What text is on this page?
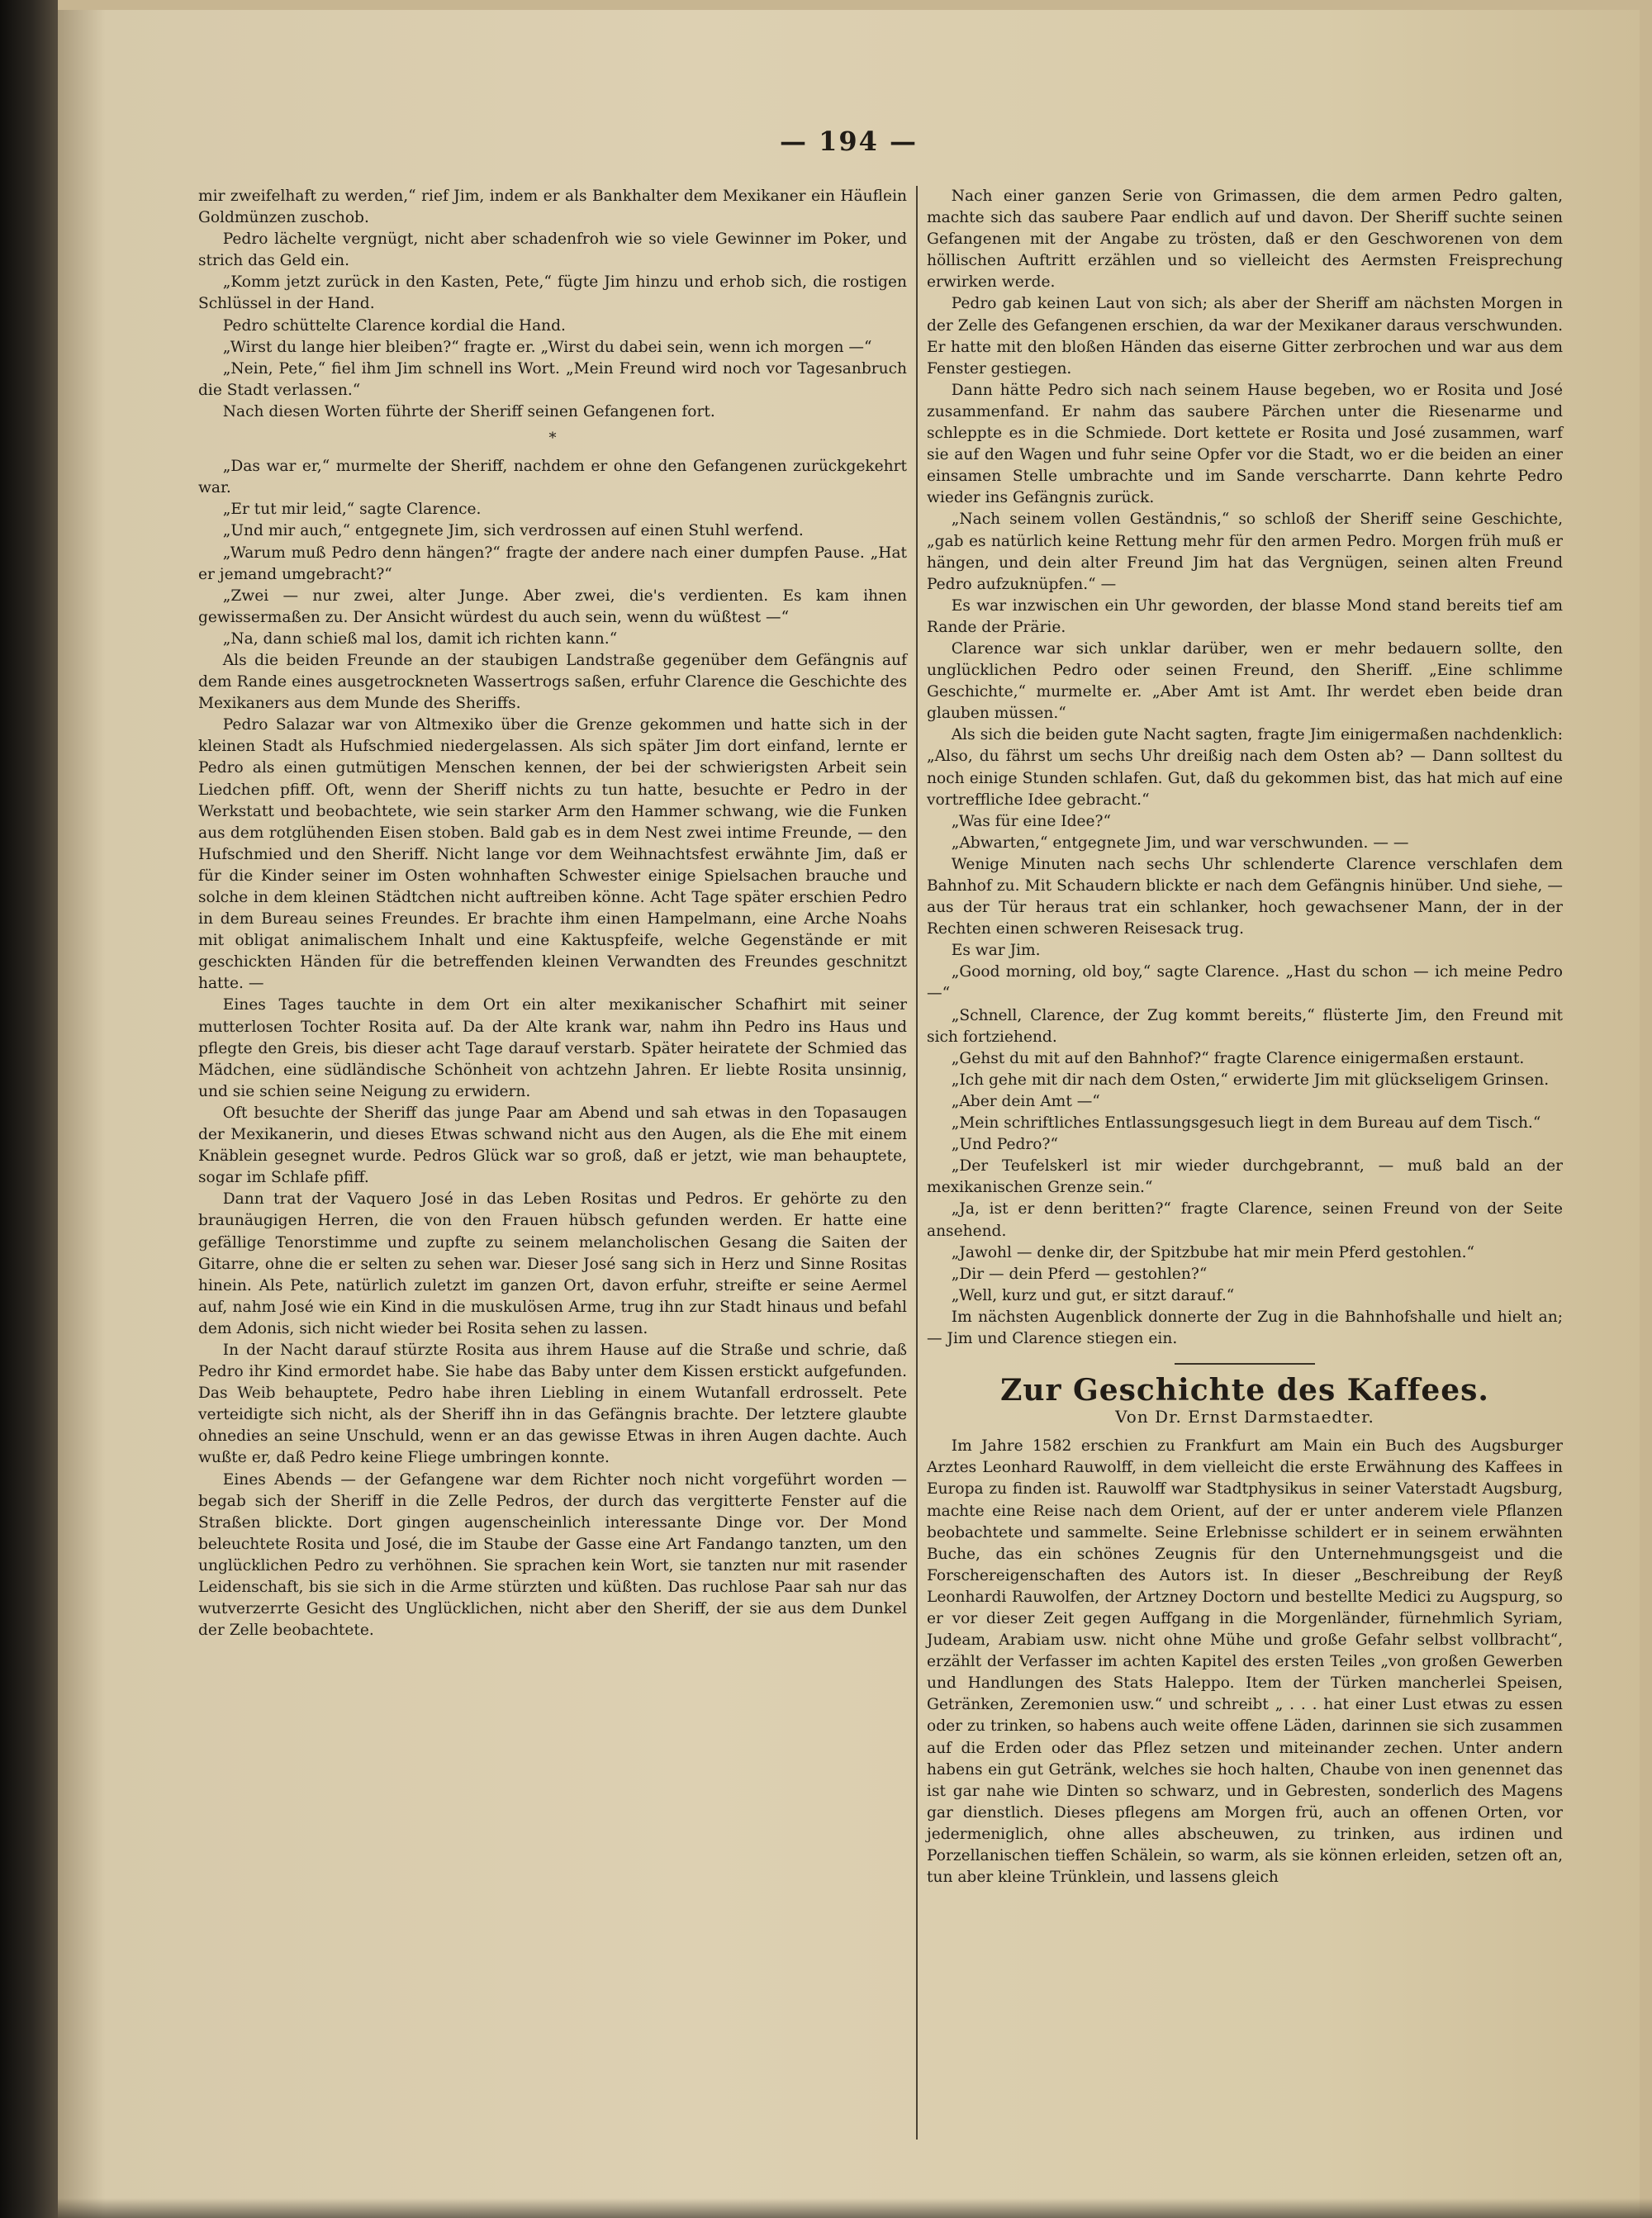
— 194 —

mir zweifelhaft zu werden,“ rief Jim, indem er als Bankhalter dem Mexikaner ein Häuflein Goldmünzen zuschob.

Pedro lächelte vergnügt, nicht aber schadenfroh wie so viele Gewinner im Poker, und strich das Geld ein.

„Komm jetzt zurück in den Kasten, Pete,“ fügte Jim hinzu und erhob sich, die rostigen Schlüssel in der Hand.

Pedro schüttelte Clarence kordial die Hand.

„Wirst du lange hier bleiben?“ fragte er. „Wirst du dabei sein, wenn ich morgen —“

„Nein, Pete,“ fiel ihm Jim schnell ins Wort. „Mein Freund wird noch vor Tagesanbruch die Stadt verlassen.“

Nach diesen Worten führte der Sheriff seinen Gefangenen fort.

*

„Das war er,“ murmelte der Sheriff, nachdem er ohne den Gefangenen zurückgekehrt war.

„Er tut mir leid,“ sagte Clarence.

„Und mir auch,“ entgegnete Jim, sich verdrossen auf einen Stuhl werfend.

„Warum muß Pedro denn hängen?“ fragte der andere nach einer dumpfen Pause. „Hat er jemand umgebracht?“

„Zwei — nur zwei, alter Junge. Aber zwei, die's verdienten. Es kam ihnen gewissermaßen zu. Der Ansicht würdest du auch sein, wenn du wüßtest —“

„Na, dann schieß mal los, damit ich richten kann.“

Als die beiden Freunde an der staubigen Landstraße gegenüber dem Gefängnis auf dem Rande eines ausgetrockneten Wassertrogs saßen, erfuhr Clarence die Geschichte des Mexikaners aus dem Munde des Sheriffs.

Pedro Salazar war von Altmexiko über die Grenze gekommen und hatte sich in der kleinen Stadt als Hufschmied niedergelassen. Als sich später Jim dort einfand, lernte er Pedro als einen gutmütigen Menschen kennen, der bei der schwierigsten Arbeit sein Liedchen pfiff. Oft, wenn der Sheriff nichts zu tun hatte, besuchte er Pedro in der Werkstatt und beobachtete, wie sein starker Arm den Hammer schwang, wie die Funken aus dem rotglühenden Eisen stoben. Bald gab es in dem Nest zwei intime Freunde, — den Hufschmied und den Sheriff. Nicht lange vor dem Weihnachtsfest erwähnte Jim, daß er für die Kinder seiner im Osten wohnhaften Schwester einige Spielsachen brauche und solche in dem kleinen Städtchen nicht auftreiben könne. Acht Tage später erschien Pedro in dem Bureau seines Freundes. Er brachte ihm einen Hampelmann, eine Arche Noahs mit obligat animalischem Inhalt und eine Kaktuspfeife, welche Gegenstände er mit geschickten Händen für die betreffenden kleinen Verwandten des Freundes geschnitzt hatte. —

Eines Tages tauchte in dem Ort ein alter mexikanischer Schafhirt mit seiner mutterlosen Tochter Rosita auf. Da der Alte krank war, nahm ihn Pedro ins Haus und pflegte den Greis, bis dieser acht Tage darauf verstarb. Später heiratete der Schmied das Mädchen, eine südländische Schönheit von achtzehn Jahren. Er liebte Rosita unsinnig, und sie schien seine Neigung zu erwidern.

Oft besuchte der Sheriff das junge Paar am Abend und sah etwas in den Topasaugen der Mexikanerin, und dieses Etwas schwand nicht aus den Augen, als die Ehe mit einem Knäblein gesegnet wurde. Pedros Glück war so groß, daß er jetzt, wie man behauptete, sogar im Schlafe pfiff.

Dann trat der Vaquero José in das Leben Rositas und Pedros. Er gehörte zu den braunäugigen Herren, die von den Frauen hübsch gefunden werden. Er hatte eine gefällige Tenorstimme und zupfte zu seinem melancholischen Gesang die Saiten der Gitarre, ohne die er selten zu sehen war. Dieser José sang sich in Herz und Sinne Rositas hinein. Als Pete, natürlich zuletzt im ganzen Ort, davon erfuhr, streifte er seine Aermel auf, nahm José wie ein Kind in die muskulösen Arme, trug ihn zur Stadt hinaus und befahl dem Adonis, sich nicht wieder bei Rosita sehen zu lassen.

In der Nacht darauf stürzte Rosita aus ihrem Hause auf die Straße und schrie, daß Pedro ihr Kind ermordet habe. Sie habe das Baby unter dem Kissen erstickt aufgefunden. Das Weib behauptete, Pedro habe ihren Liebling in einem Wutanfall erdrosselt. Pete verteidigte sich nicht, als der Sheriff ihn in das Gefängnis brachte. Der letztere glaubte ohnedies an seine Unschuld, wenn er an das gewisse Etwas in ihren Augen dachte. Auch wußte er, daß Pedro keine Fliege umbringen konnte.

Eines Abends — der Gefangene war dem Richter noch nicht vorgeführt worden — begab sich der Sheriff in die Zelle Pedros, der durch das vergitterte Fenster auf die Straßen blickte. Dort gingen augenscheinlich interessante Dinge vor. Der Mond beleuchtete Rosita und José, die im Staube der Gasse eine Art Fandango tanzten, um den unglücklichen Pedro zu verhöhnen. Sie sprachen kein Wort, sie tanzten nur mit rasender Leidenschaft, bis sie sich in die Arme stürzten und küßten. Das ruchlose Paar sah nur das wutverzerrte Gesicht des Unglücklichen, nicht aber den Sheriff, der sie aus dem Dunkel der Zelle beobachtete.

Nach einer ganzen Serie von Grimassen, die dem armen Pedro galten, machte sich das saubere Paar endlich auf und davon. Der Sheriff suchte seinen Gefangenen mit der Angabe zu trösten, daß er den Geschworenen von dem höllischen Auftritt erzählen und so vielleicht des Aermsten Freisprechung erwirken werde.

Pedro gab keinen Laut von sich; als aber der Sheriff am nächsten Morgen in der Zelle des Gefangenen erschien, da war der Mexikaner daraus verschwunden. Er hatte mit den bloßen Händen das eiserne Gitter zerbrochen und war aus dem Fenster gestiegen.

Dann hätte Pedro sich nach seinem Hause begeben, wo er Rosita und José zusammenfand. Er nahm das saubere Pärchen unter die Riesenarme und schleppte es in die Schmiede. Dort kettete er Rosita und José zusammen, warf sie auf den Wagen und fuhr seine Opfer vor die Stadt, wo er die beiden an einer einsamen Stelle umbrachte und im Sande verscharrte. Dann kehrte Pedro wieder ins Gefängnis zurück.

„Nach seinem vollen Geständnis,“ so schloß der Sheriff seine Geschichte, „gab es natürlich keine Rettung mehr für den armen Pedro. Morgen früh muß er hängen, und dein alter Freund Jim hat das Vergnügen, seinen alten Freund Pedro aufzuknüpfen.“ —

Es war inzwischen ein Uhr geworden, der blasse Mond stand bereits tief am Rande der Prärie.

Clarence war sich unklar darüber, wen er mehr bedauern sollte, den unglücklichen Pedro oder seinen Freund, den Sheriff. „Eine schlimme Geschichte,“ murmelte er. „Aber Amt ist Amt. Ihr werdet eben beide dran glauben müssen.“

Als sich die beiden gute Nacht sagten, fragte Jim einigermaßen nachdenklich: „Also, du fährst um sechs Uhr dreißig nach dem Osten ab? — Dann solltest du noch einige Stunden schlafen. Gut, daß du gekommen bist, das hat mich auf eine vortreffliche Idee gebracht.“

„Was für eine Idee?“

„Abwarten,“ entgegnete Jim, und war verschwunden. — —

Wenige Minuten nach sechs Uhr schlenderte Clarence verschlafen dem Bahnhof zu. Mit Schaudern blickte er nach dem Gefängnis hinüber. Und siehe, — aus der Tür heraus trat ein schlanker, hoch gewachsener Mann, der in der Rechten einen schweren Reisesack trug.

Es war Jim.

„Good morning, old boy,“ sagte Clarence. „Hast du schon — ich meine Pedro —“

„Schnell, Clarence, der Zug kommt bereits,“ flüsterte Jim, den Freund mit sich fortziehend.

„Gehst du mit auf den Bahnhof?“ fragte Clarence einigermaßen erstaunt.

„Ich gehe mit dir nach dem Osten,“ erwiderte Jim mit glückseligem Grinsen.

„Aber dein Amt —“

„Mein schriftliches Entlassungsgesuch liegt in dem Bureau auf dem Tisch.“

„Und Pedro?“

„Der Teufelskerl ist mir wieder durchgebrannt, — muß bald an der mexikanischen Grenze sein.“

„Ja, ist er denn beritten?“ fragte Clarence, seinen Freund von der Seite ansehend.

„Jawohl — denke dir, der Spitzbube hat mir mein Pferd gestohlen.“

„Dir — dein Pferd — gestohlen?“

„Well, kurz und gut, er sitzt darauf.“

Im nächsten Augenblick donnerte der Zug in die Bahnhofshalle und hielt an; — Jim und Clarence stiegen ein.

Zur Geschichte des Kaffees.
Von Dr. Ernst Darmstaedter.

Im Jahre 1582 erschien zu Frankfurt am Main ein Buch des Augsburger Arztes Leonhard Rauwolff, in dem vielleicht die erste Erwähnung des Kaffees in Europa zu finden ist. Rauwolff war Stadtphysikus in seiner Vaterstadt Augsburg, machte eine Reise nach dem Orient, auf der er unter anderem viele Pflanzen beobachtete und sammelte. Seine Erlebnisse schildert er in seinem erwähnten Buche, das ein schönes Zeugnis für den Unternehmungsgeist und die Forschereigenschaften des Autors ist. In dieser „Beschreibung der Reyß Leonhardi Rauwolfen, der Artzney Doctorn und bestellte Medici zu Augspurg, so er vor dieser Zeit gegen Auffgang in die Morgenländer, fürnehmlich Syriam, Judeam, Arabiam usw. nicht ohne Mühe und große Gefahr selbst vollbracht“, erzählt der Verfasser im achten Kapitel des ersten Teiles „von großen Gewerben und Handlungen des Stats Haleppo. Item der Türken mancherlei Speisen, Getränken, Zeremonien usw.“ und schreibt „ . . . hat einer Lust etwas zu essen oder zu trinken, so habens auch weite offene Läden, darinnen sie sich zusammen auf die Erden oder das Pflez setzen und miteinander zechen. Unter andern habens ein gut Getränk, welches sie hoch halten, Chaube von inen genennet das ist gar nahe wie Dinten so schwarz, und in Gebresten, sonderlich des Magens gar dienstlich. Dieses pflegens am Morgen frü, auch an offenen Orten, vor jedermeniglich, ohne alles abscheuwen, zu trinken, aus irdinen und Porzellanischen tieffen Schälein, so warm, als sie können erleiden, setzen oft an, tun aber kleine Trünklein, und lassens gleich
